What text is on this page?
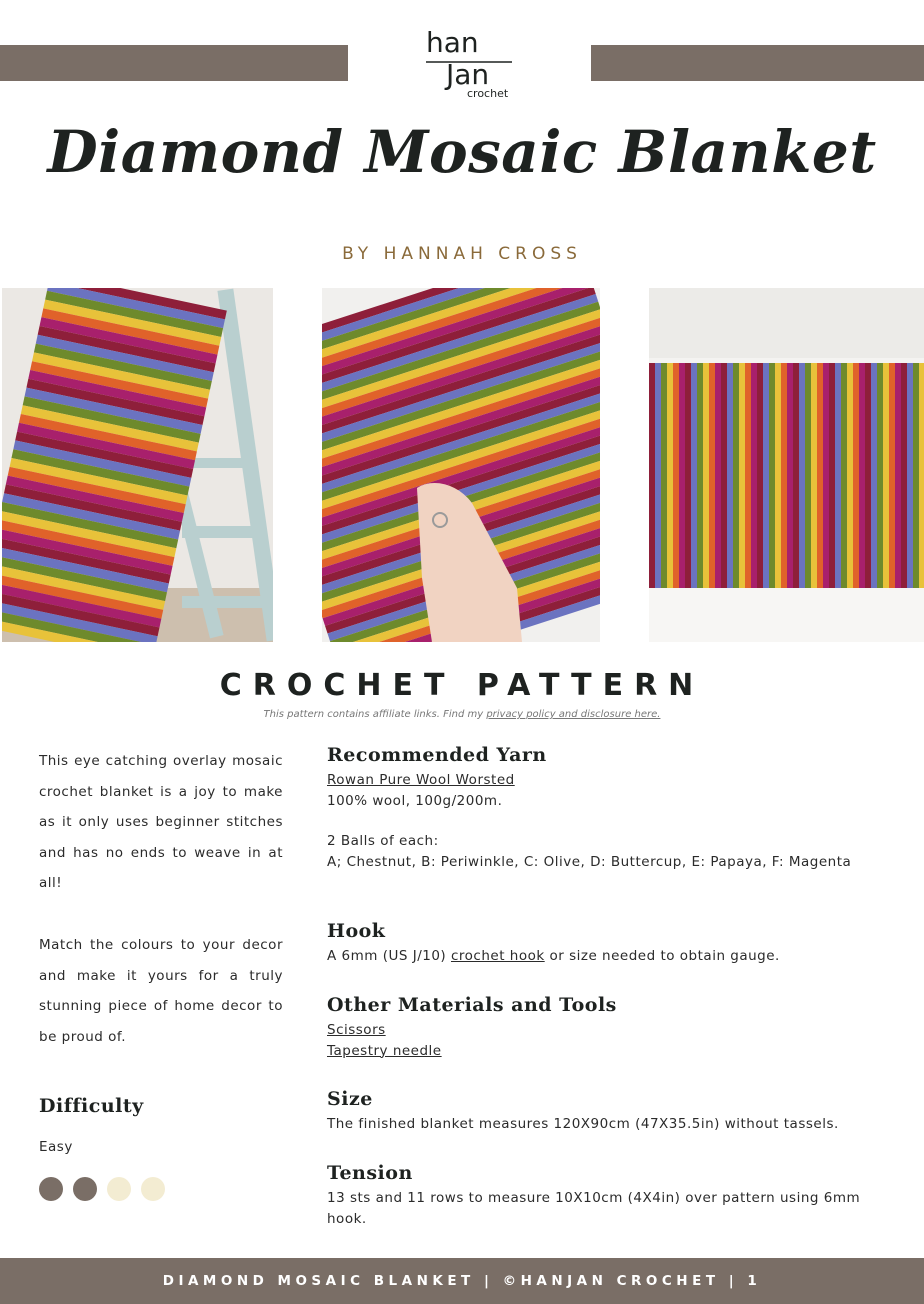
han
Jan
crochet
Diamond Mosaic Blanket
BY HANNAH CROSS
CROCHET PATTERN
This pattern contains affiliate links. Find my privacy policy and disclosure here.

This eye catching overlay mosaic crochet blanket is a joy to make as it only uses beginner stitches and has no ends to weave in at all!

Match the colours to your decor and make it yours for a truly stunning piece of home decor to be proud of.

Difficulty
Easy
Recommended Yarn

Rowan Pure Wool Worsted

100% wool, 100g/200m.

2 Balls of each:

A; Chestnut, B: Periwinkle, C: Olive, D: Buttercup, E: Papaya, F: Magenta

Hook

A 6mm (US J/10) crochet hook or size needed to obtain gauge.

Other Materials and Tools

Scissors

Tapestry needle

Size

The finished blanket measures 120X90cm (47X35.5in) without tassels.

Tension

13 sts and 11 rows to measure 10X10cm (4X4in) over pattern using 6mm hook.

DIAMOND MOSAIC BLANKET | ©HANJAN CROCHET | 1
